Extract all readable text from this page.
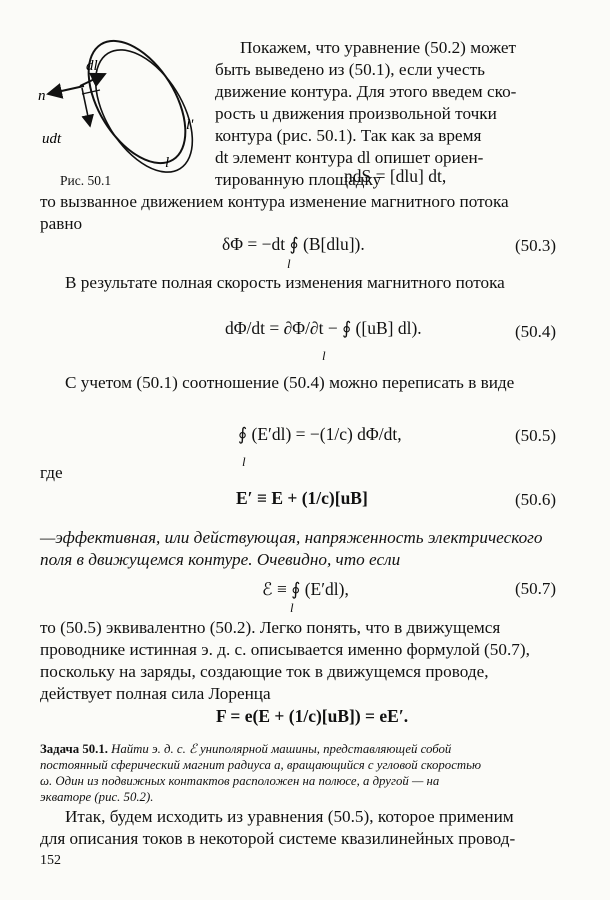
dl
n
udt
l'
l
Рис. 50.1
Покажем, что уравнение (50.2) может
быть выведено из (50.1), если учесть
движение контура. Для этого введем ско-
рость u движения произвольной точки
контура (рис. 50.1). Так как за время
dt элемент контура dl опишет ориен-
тированную площадку
ndS = [dlu] dt,
то вызванное движением контура изменение магнитного потока
равно
δΦ = −dt ∮ (B[dlu]).
l
(50.3)
В результате полная скорость изменения магнитного потока
dΦ/dt = ∂Φ/∂t − ∮ ([uB] dl).
l
(50.4)
С учетом (50.1) соотношение (50.4) можно переписать в виде
∮ (E′dl) = −(1/c) dΦ/dt,
l
(50.5)
где
E′ ≡ E + (1/c)[uB]	(50.6)
—эффективная, или действующая, напряженность электрического
поля в движущемся контуре. Очевидно, что если
ℰ ≡ ∮ (E′dl),
l
(50.7)
то (50.5) эквивалентно (50.2). Легко понять, что в движущемся
проводнике истинная э. д. с. описывается именно формулой (50.7),
поскольку на заряды, создающие ток в движущемся проводе,
действует полная сила Лоренца
F = e(E + (1/c)[uB]) = eE′.
Задача 50.1. Найти э. д. с. ℰ униполярной машины, представляющей собой
постоянный сферический магнит радиуса a, вращающийся с угловой скоростью
ω. Один из подвижных контактов расположен на полюсе, а другой — на
экваторе (рис. 50.2).
Итак, будем исходить из уравнения (50.5), которое применим
для описания токов в некоторой системе квазилинейных провод-
152
